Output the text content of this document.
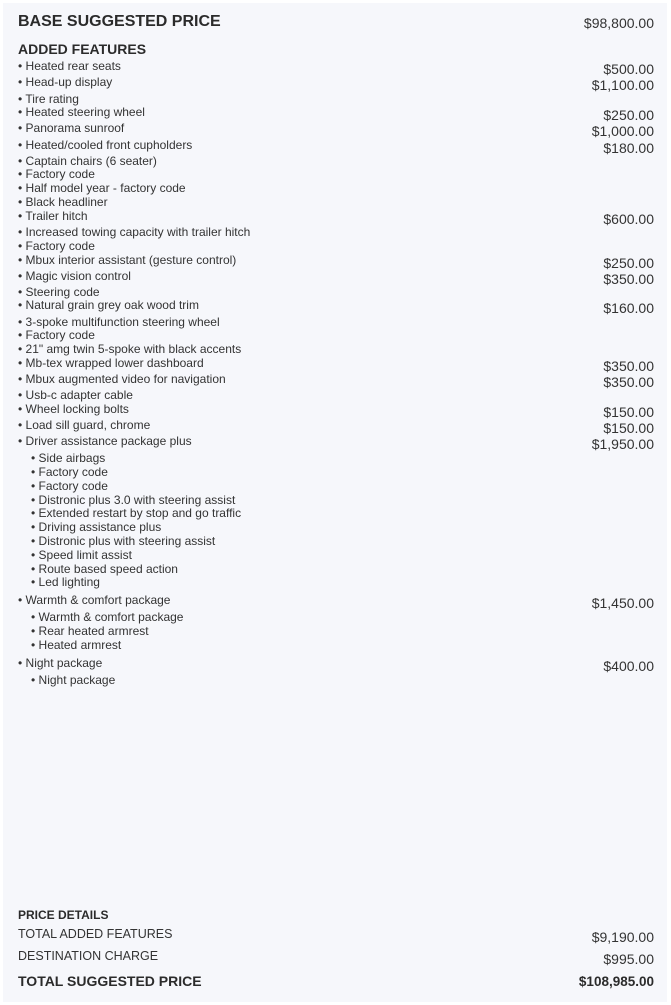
BASE SUGGESTED PRICE	$98,800.00
ADDED FEATURES
• Heated rear seats	$500.00
• Head-up display	$1,100.00
• Tire rating
• Heated steering wheel	$250.00
• Panorama sunroof	$1,000.00
• Heated/cooled front cupholders	$180.00
• Captain chairs (6 seater)
• Factory code
• Half model year - factory code
• Black headliner
• Trailer hitch	$600.00
• Increased towing capacity with trailer hitch
• Factory code
• Mbux interior assistant (gesture control)	$250.00
• Magic vision control	$350.00
• Steering code
• Natural grain grey oak wood trim	$160.00
• 3-spoke multifunction steering wheel
• Factory code
• 21" amg twin 5-spoke with black accents
• Mb-tex wrapped lower dashboard	$350.00
• Mbux augmented video for navigation	$350.00
• Usb-c adapter cable
• Wheel locking bolts	$150.00
• Load sill guard, chrome	$150.00
• Driver assistance package plus	$1,950.00
• Side airbags
• Factory code
• Factory code
• Distronic plus 3.0 with steering assist
• Extended restart by stop and go traffic
• Driving assistance plus
• Distronic plus with steering assist
• Speed limit assist
• Route based speed action
• Led lighting
• Warmth & comfort package	$1,450.00
• Warmth & comfort package
• Rear heated armrest
• Heated armrest
• Night package	$400.00
• Night package
PRICE DETAILS
TOTAL ADDED FEATURES	$9,190.00
DESTINATION CHARGE	$995.00
TOTAL SUGGESTED PRICE	$108,985.00
